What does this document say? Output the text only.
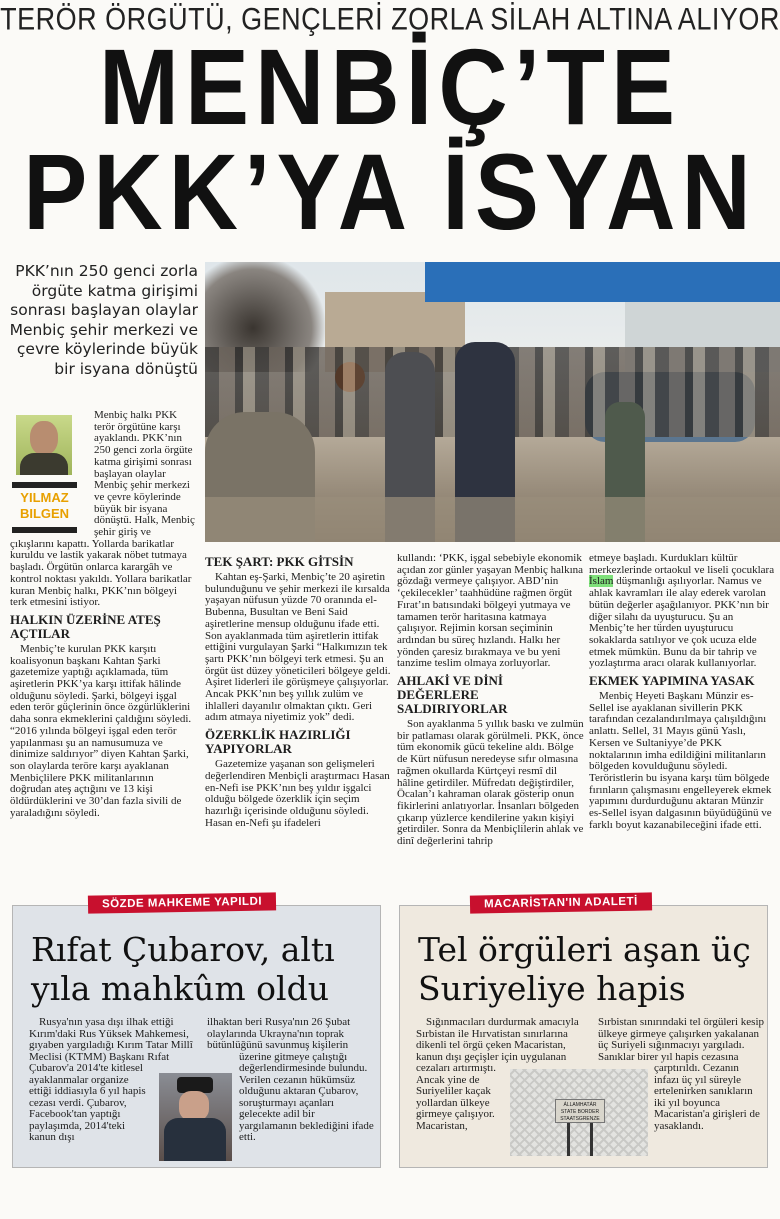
TERÖR ÖRGÜTÜ, GENÇLERİ ZORLA SİLAH ALTINA ALIYOR
MENBİÇ’TE
PKK’YA İSYAN
PKK’nın 250 genci zorla örgüte katma girişimi sonrası başlayan olaylar Menbiç şehir merkezi ve çevre köylerinde büyük bir isyana dönüştü
YILMAZ
BILGEN

Menbiç halkı PKK terör örgütüne karşı ayaklandı. PKK’nın 250 genci zorla örgüte katma girişimi sonrası başlayan olaylar Menbiç şehir merkezi ve çevre köylerinde büyük bir isyana dönüştü. Halk, Menbiç şehir giriş ve çıkışlarını kapattı. Yollarda barikatlar kuruldu ve lastik yakarak nöbet tutmaya başladı. Örgütün onlarca karargâh ve kontrol noktası yakıldı. Yollara barikatlar kuran Menbiç halkı, PKK’nın bölgeyi terk etmesini istiyor.

HALKIN ÜZERİNE ATEŞ AÇTILAR

Menbiç’te kurulan PKK karşıtı koalisyonun başkanı Kahtan Şarki gazetemize yaptığı açıklamada, tüm aşiretlerin PKK’ya karşı ittifak hâlinde olduğunu söyledi. Şarki, bölgeyi işgal eden terör güçlerinin önce özgürlüklerini daha sonra ekmeklerini çaldığını söyledi. “2016 yılında bölgeyi işgal eden terör yapılanması şu an namusumuza ve dinimize saldırıyor” diyen Kahtan Şarki, son olaylarda teröre karşı ayaklanan Menbiçlilere PKK militanlarının doğrudan ateş açtığını ve 13 kişi öldürdüklerini ve 30’dan fazla sivili de yaraladığını söyledi.

TEK ŞART: PKK GİTSİN

Kahtan eş-Şarki, Menbiç’te 20 aşiretin bulunduğunu ve şehir merkezi ile kırsalda yaşayan nüfusun yüzde 70 oranında el-Bubenna, Busultan ve Beni Said aşiretlerine mensup olduğunu ifade etti. Son ayaklanmada tüm aşiretlerin ittifak ettiğini vurgulayan Şarki “Halkımızın tek şartı PKK’nın bölgeyi terk etmesi. Şu an örgüt üst düzey yöneticileri bölgeye geldi. Aşiret liderleri ile görüşmeye çalışıyorlar. Ancak PKK’nın beş yıllık zulüm ve ihlalleri dayanılır olmaktan çıktı. Geri adım atmaya niyetimiz yok” dedi.

ÖZERKLİK HAZIRLIĞI YAPIYORLAR

Gazetemize yaşanan son gelişmeleri değerlendiren Menbiçli araştırmacı Hasan en-Nefi ise PKK’nın beş yıldır işgalci olduğu bölgede özerklik için seçim hazırlığı içerisinde olduğunu söyledi. Hasan en-Nefi şu ifadeleri

kullandı: ‘PKK, işgal sebebiyle ekonomik açıdan zor günler yaşayan Menbiç halkına gözdağı vermeye çalışıyor. ABD’nin ‘çekilecekler’ taahhüdüne rağmen örgüt Fırat’ın batısındaki bölgeyi yutmaya ve tamamen terör haritasına katmaya çalışıyor. Rejimin korsan seçiminin ardından bu süreç hızlandı. Halkı her yönden çaresiz bırakmaya ve bu yeni tanzime teslim olmaya zorluyorlar.

AHLAKİ VE DİNİ DEĞERLERE SALDIRIYORLAR

Son ayaklanma 5 yıllık baskı ve zulmün bir patlaması olarak görülmeli. PKK, önce tüm ekonomik gücü tekeline aldı. Bölge de Kürt nüfusun neredeyse sıfır olmasına rağmen okullarda Kürtçeyi resmî dil hâline getirdiler. Müfredatı değiştirdiler, Öcalan’ı kahraman olarak gösterip onun fikirlerini anlatıyorlar. İnsanları bölgeden çıkarıp yüzlerce kendilerine yakın kişiyi getirdiler. Sonra da Menbiçlilerin ahlak ve dinî değerlerini tahrip

etmeye başladı. Kurdukları kültür merkezlerinde ortaokul ve liseli çocuklara İslam düşmanlığı aşılıyorlar. Namus ve ahlak kavramları ile alay ederek varolan bütün değerler aşağılanıyor. PKK’nın bir diğer silahı da uyuşturucu. Şu an Menbiç’te her türden uyuşturucu sokaklarda satılıyor ve çok ucuza elde etmek mümkün. Bunu da bir tahrip ve yozlaştırma aracı olarak kullanıyorlar.

EKMEK YAPIMINA YASAK

Menbiç Heyeti Başkanı Münzir es-Sellel ise ayaklanan sivillerin PKK tarafından cezalandırılmaya çalışıldığını anlattı. Sellel, 31 Mayıs günü Yaslı, Kersen ve Sultaniyye’de PKK noktalarının imha edildiğini militanların bölgeden kovulduğunu söyledi. Teröristlerin bu isyana karşı tüm bölgede fırınların çalışmasını engelleyerek ekmek yapımını durdurduğunu aktaran Münzir es-Sellel isyan dalgasının büyüdüğünü ve farklı boyut kazanabileceğini ifade etti.

SÖZDE MAHKEME YAPILDI
Rıfat Çubarov, altı yıla mahkûm oldu

Rusya'nın yasa dışı ilhak ettiği Kırım'daki Rus Yüksek Mahkemesi, gıyaben yargıladığı Kırım Tatar Millî Meclisi (KTMM) Başkanı Rıfat Çubarov'a 2014'te kitlesel ayaklanmalar organize ettiği iddiasıyla 6 yıl hapis cezası verdi. Çubarov, Facebook'tan yaptığı paylaşımda, 2014'teki kanun dışı

ilhaktan beri Rusya'nın 26 Şubat olaylarında Ukrayna'nın toprak bütünlüğünü savunmuş kişilerin üzerine gitmeye çalıştığı değerlendirmesinde bulundu. Verilen cezanın hükümsüz olduğunu aktaran Çubarov, soruşturmayı açanları gelecekte adil bir yargılamanın beklediğini ifade etti.

MACARİSTAN'IN ADALETİ
Tel örgüleri aşan üç Suriyeliye hapis

Sığınmacıları durdurmak amacıyla Sırbistan ile Hırvatistan sınırlarına dikenli tel örgü çeken Macaristan, kanun dışı geçişler için uygulanan cezaları artırmıştı. Ancak yine de Suriyeliler kaçak yollardan ülkeye girmeye çalışıyor. Macaristan,

ÁLLAMHATÁR STATE BORDER STAATSGRENZE

Sırbistan sınırındaki tel örgüleri kesip ülkeye girmeye çalışırken yakalanan üç Suriyeli sığınmacıyı yargıladı. Sanıklar birer yıl hapis cezasına çarptırıldı. Cezanın infazı üç yıl süreyle ertelenirken sanıkların iki yıl boyunca Macaristan'a girişleri de yasaklandı.
